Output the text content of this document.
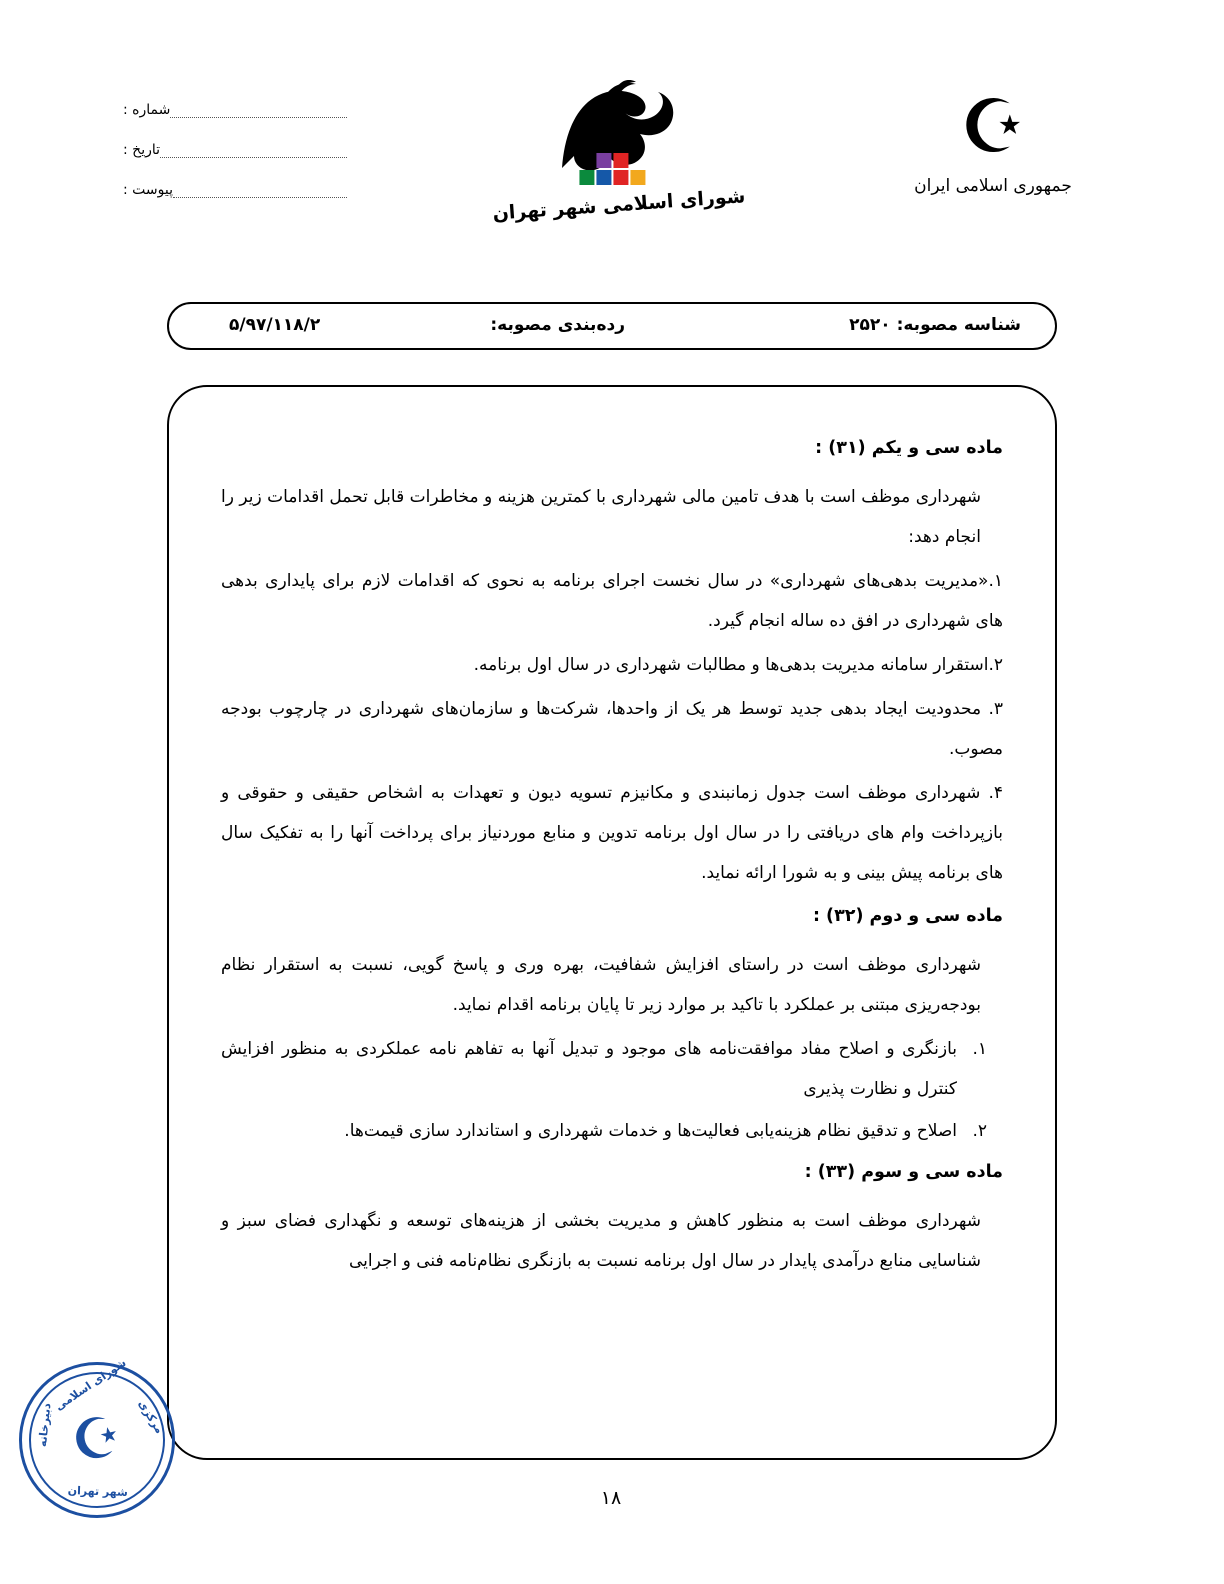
شماره :
تاریخ :
پیوست :	شورای اسلامی شهر تهران
☪
جمهوری اسلامی ایران
شناسه مصوبه: ۲۵۲۰
رده‌بندی مصوبه:
۵/۹۷/۱۱۸/۲
ماده سی و یکم (۳۱) :

شهرداری موظف است با هدف تامین مالی شهرداری با کمترین هزینه و مخاطرات قابل تحمل اقدامات زیر را انجام دهد:

۱.«مدیریت بدهی‌های شهرداری» در سال نخست اجرای برنامه به نحوی که اقدامات لازم برای پایداری بدهی های شهرداری در افق ده ساله انجام گیرد.

۲.استقرار سامانه مدیریت بدهی‌ها و مطالبات شهرداری در سال اول برنامه.

۳. محدودیت ایجاد بدهی جدید توسط هر یک از واحدها، شرکت‌ها و سازمان‌های شهرداری در چارچوب بودجه مصوب.

۴. شهرداری موظف است جدول زمانبندی و مکانیزم تسویه دیون و تعهدات به اشخاص حقیقی و حقوقی و بازپرداخت وام های دریافتی را در سال اول برنامه تدوین و منابع موردنیاز برای پرداخت آنها را به تفکیک سال های برنامه پیش بینی و به شورا ارائه نماید.

ماده سی و دوم (۳۲) :

شهرداری موظف است در راستای افزایش شفافیت، بهره وری و پاسخ گویی، نسبت به استقرار نظام بودجه‌ریزی مبتنی بر عملکرد با تاکید بر موارد زیر تا پایان برنامه اقدام نماید.

۱.
بازنگری و اصلاح مفاد موافقت‌نامه های موجود و تبدیل آنها به تفاهم نامه عملکردی به منظور افزایش کنترل و نظارت پذیری
۲.
اصلاح و تدقیق نظام هزینه‌یابی فعالیت‌ها و خدمات شهرداری و استاندارد سازی قیمت‌ها.
ماده سی و سوم (۳۳) :

شهرداری موظف است به منظور کاهش و مدیریت بخشی از هزینه‌های توسعه و نگهداری فضای سبز و شناسایی منابع درآمدی پایدار در سال اول برنامه نسبت به بازنگری نظام‌نامه فنی و اجرایی

۱۸
☪
شورای اسلامی
دبیرخانه
شهر تهران
مرکزی
